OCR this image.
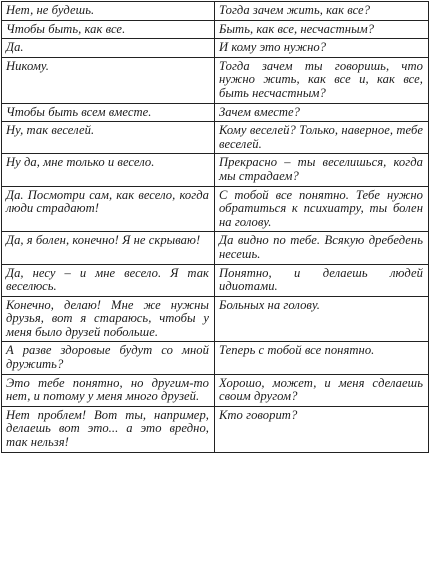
Нет, не будешь.	Тогда зачем жить, как все?
Чтобы быть, как все.	Быть, как все, несчастным?
Да.	И кому это нужно?
Никому.	Тогда зачем ты говоришь, что нужно жить, как все и, как все, быть несчастным?
Чтобы быть всем вместе.	Зачем вместе?
Ну, так веселей.	Кому веселей? Только, наверное, тебе веселей.
Ну да, мне только и весело.	Прекрасно – ты веселишься, когда мы страдаем?
Да. Посмотри сам, как весело, когда люди страдают!	С тобой все понятно. Тебе нужно обратиться к психиатру, ты болен на голову.
Да, я болен, конечно! Я не скрываю!	Да видно по тебе. Всякую дребедень несешь.
Да, несу – и мне весело. Я так веселюсь.	Понятно, и делаешь людей идиотами.
Конечно, делаю! Мне же нужны друзья, вот я стараюсь, чтобы у меня было друзей побольше.	Больных на голову.
А разве здоровые будут со мной дружить?	Теперь с тобой все понятно.
Это тебе понятно, но другим-то нет, и потому у меня много друзей.	Хорошо, может, и меня сделаешь своим другом?
Нет проблем! Вот ты, например, делаешь вот это... а это вредно, так нельзя!	Кто говорит?
